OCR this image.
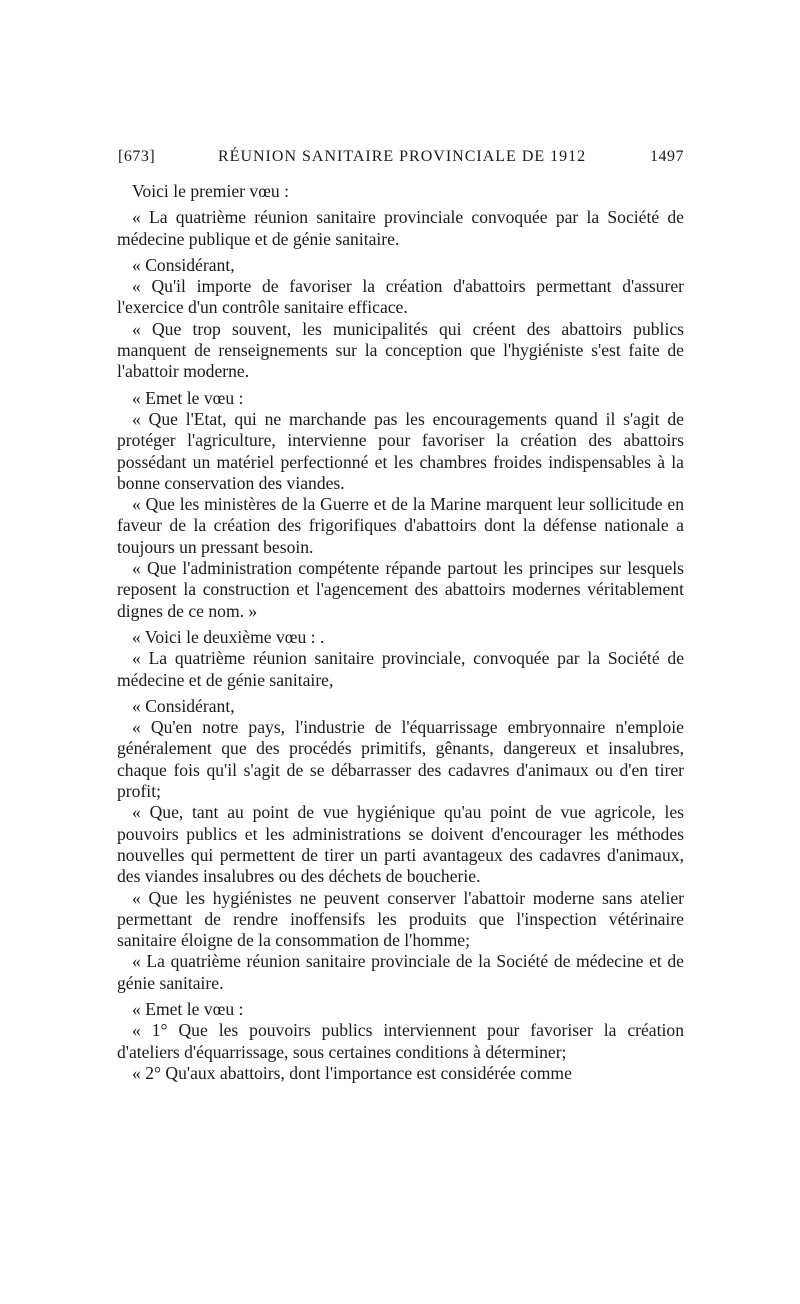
[673]	RÉUNION SANITAIRE PROVINCIALE DE 1912	1497

Voici le premier vœu :

« La quatrième réunion sanitaire provinciale convoquée par la Société de médecine publique et de génie sanitaire.

« Considérant,

« Qu'il importe de favoriser la création d'abattoirs permettant d'assurer l'exercice d'un contrôle sanitaire efficace.

« Que trop souvent, les municipalités qui créent des abattoirs publics manquent de renseignements sur la conception que l'hygiéniste s'est faite de l'abattoir moderne.

« Emet le vœu :

« Que l'Etat, qui ne marchande pas les encouragements quand il s'agit de protéger l'agriculture, intervienne pour favoriser la création des abattoirs possédant un matériel perfectionné et les chambres froides indispensables à la bonne conservation des viandes.

« Que les ministères de la Guerre et de la Marine marquent leur sollicitude en faveur de la création des frigorifiques d'abattoirs dont la défense nationale a toujours un pressant besoin.

« Que l'administration compétente répande partout les principes sur lesquels reposent la construction et l'agencement des abattoirs modernes véritablement dignes de ce nom. »

« Voici le deuxième vœu : .

« La quatrième réunion sanitaire provinciale, convoquée par la Société de médecine et de génie sanitaire,

« Considérant,

« Qu'en notre pays, l'industrie de l'équarrissage embryonnaire n'emploie généralement que des procédés primitifs, gênants, dangereux et insalubres, chaque fois qu'il s'agit de se débarrasser des cadavres d'animaux ou d'en tirer profit;

« Que, tant au point de vue hygiénique qu'au point de vue agricole, les pouvoirs publics et les administrations se doivent d'encourager les méthodes nouvelles qui permettent de tirer un parti avantageux des cadavres d'animaux, des viandes insalubres ou des déchets de boucherie.

« Que les hygiénistes ne peuvent conserver l'abattoir moderne sans atelier permettant de rendre inoffensifs les produits que l'inspection vétérinaire sanitaire éloigne de la consommation de l'homme;

« La quatrième réunion sanitaire provinciale de la Société de médecine et de génie sanitaire.

« Emet le vœu :

« 1° Que les pouvoirs publics interviennent pour favoriser la création d'ateliers d'équarrissage, sous certaines conditions à déterminer;

« 2° Qu'aux abattoirs, dont l'importance est considérée comme
